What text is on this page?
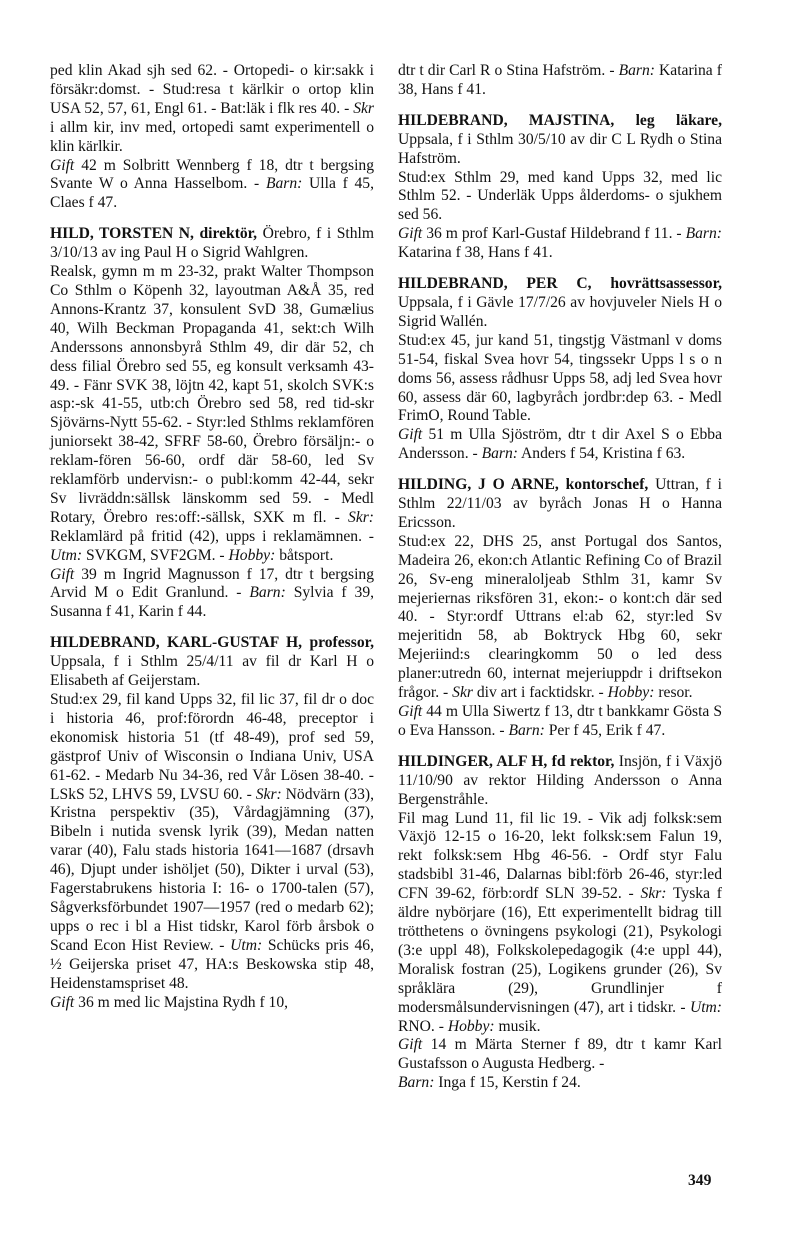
ped klin Akad sjh sed 62. - Ortopedi- o kir:sakk i försäkr:domst. - Stud:resa t kärlkir o ortop klin USA 52, 57, 61, Engl 61. - Bat:läk i flk res 40. - Skr i allm kir, inv med, ortopedi samt experimentell o klin kärlkir.
Gift 42 m Solbritt Wennberg f 18, dtr t bergsing Svante W o Anna Hasselbom. - Barn: Ulla f 45, Claes f 47.

HILD, TORSTEN N, direktör, Örebro, f i Sthlm 3/10/13 av ing Paul H o Sigrid Wahlgren.
Realsk, gymn m m 23-32, prakt Walter Thompson Co Sthlm o Köpenh 32, layoutman A&Å 35, red Annons-Krantz 37, konsulent SvD 38, Gumælius 40, Wilh Beckman Propaganda 41, sekt:ch Wilh Anderssons annonsbyrå Sthlm 49, dir där 52, ch dess filial Örebro sed 55, eg konsult verksamh 43-49. - Fänr SVK 38, löjtn 42, kapt 51, skolch SVK:s asp:-sk 41-55, utb:ch Örebro sed 58, red tid-skr Sjövärns-Nytt 55-62. - Styr:led Sthlms reklamfören juniorsekt 38-42, SFRF 58-60, Örebro försäljn:- o reklam-fören 56-60, ordf där 58-60, led Sv reklamförb undervisn:- o publ:komm 42-44, sekr Sv livräddn:sällsk länskomm sed 59. - Medl Rotary, Örebro res:off:-sällsk, SXK m fl. - Skr: Reklamlärd på fritid (42), upps i reklamämnen. - Utm: SVKGM, SVF2GM. - Hobby: båtsport.
Gift 39 m Ingrid Magnusson f 17, dtr t bergsing Arvid M o Edit Granlund. - Barn: Sylvia f 39, Susanna f 41, Karin f 44.

HILDEBRAND, KARL-GUSTAF H, professor, Uppsala, f i Sthlm 25/4/11 av fil dr Karl H o Elisabeth af Geijerstam.
Stud:ex 29, fil kand Upps 32, fil lic 37, fil dr o doc i historia 46, prof:förordn 46-48, preceptor i ekonomisk historia 51 (tf 48-49), prof sed 59, gästprof Univ of Wisconsin o Indiana Univ, USA 61-62. - Medarb Nu 34-36, red Vår Lösen 38-40. - LSkS 52, LHVS 59, LVSU 60. - Skr: Nödvärn (33), Kristna perspektiv (35), Vårdagjämning (37), Bibeln i nutida svensk lyrik (39), Medan natten varar (40), Falu stads historia 1641—1687 (drsavh 46), Djupt under ishöljet (50), Dikter i urval (53), Fagerstabrukens historia I: 16- o 1700-talen (57), Sågverksförbundet 1907—1957 (red o medarb 62); upps o rec i bl a Hist tidskr, Karol förb årsbok o Scand Econ Hist Review. - Utm: Schücks pris 46, ½ Geijerska priset 47, HA:s Beskowska stip 48, Heidenstamspriset 48.
Gift 36 m med lic Majstina Rydh f 10,

dtr t dir Carl R o Stina Hafström. - Barn: Katarina f 38, Hans f 41.

HILDEBRAND, MAJSTINA, leg läkare, Uppsala, f i Sthlm 30/5/10 av dir C L Rydh o Stina Hafström.
Stud:ex Sthlm 29, med kand Upps 32, med lic Sthlm 52. - Underläk Upps ålderdoms- o sjukhem sed 56.
Gift 36 m prof Karl-Gustaf Hildebrand f 11. - Barn: Katarina f 38, Hans f 41.

HILDEBRAND, PER C, hovrättsassessor, Uppsala, f i Gävle 17/7/26 av hovjuveler Niels H o Sigrid Wallén.
Stud:ex 45, jur kand 51, tingstjg Västmanl v doms 51-54, fiskal Svea hovr 54, tingssekr Upps l s o n doms 56, assess rådhusr Upps 58, adj led Svea hovr 60, assess där 60, lagbyråch jordbr:dep 63. - Medl FrimO, Round Table.
Gift 51 m Ulla Sjöström, dtr t dir Axel S o Ebba Andersson. - Barn: Anders f 54, Kristina f 63.

HILDING, J O ARNE, kontorschef, Uttran, f i Sthlm 22/11/03 av byråch Jonas H o Hanna Ericsson.
Stud:ex 22, DHS 25, anst Portugal dos Santos, Madeira 26, ekon:ch Atlantic Refining Co of Brazil 26, Sv-eng mineraloljeab Sthlm 31, kamr Sv mejeriernas riksfören 31, ekon:- o kont:ch där sed 40. - Styr:ordf Uttrans el:ab 62, styr:led Sv mejeritidn 58, ab Boktryck Hbg 60, sekr Mejeriind:s clearingkomm 50 o led dess planer:utredn 60, internat mejeriuppdr i driftsekon frågor. - Skr div art i facktidskr. - Hobby: resor.
Gift 44 m Ulla Siwertz f 13, dtr t bankkamr Gösta S o Eva Hansson. - Barn: Per f 45, Erik f 47.

HILDINGER, ALF H, fd rektor, Insjön, f i Växjö 11/10/90 av rektor Hilding Andersson o Anna Bergenstråhle.
Fil mag Lund 11, fil lic 19. - Vik adj folksk:sem Växjö 12-15 o 16-20, lekt folksk:sem Falun 19, rekt folksk:sem Hbg 46-56. - Ordf styr Falu stadsbibl 31-46, Dalarnas bibl:förb 26-46, styr:led CFN 39-62, förb:ordf SLN 39-52. - Skr: Tyska f äldre nybörjare (16), Ett experimentellt bidrag till trötthetens o övningens psykologi (21), Psykologi (3:e uppl 48), Folkskolepedagogik (4:e uppl 44), Moralisk fostran (25), Logikens grunder (26), Sv språklära (29), Grundlinjer f modersmålsundervisningen (47), art i tidskr. - Utm: RNO. - Hobby: musik.
Gift 14 m Märta Sterner f 89, dtr t kamr Karl Gustafsson o Augusta Hedberg. -
Barn: Inga f 15, Kerstin f 24.

349
